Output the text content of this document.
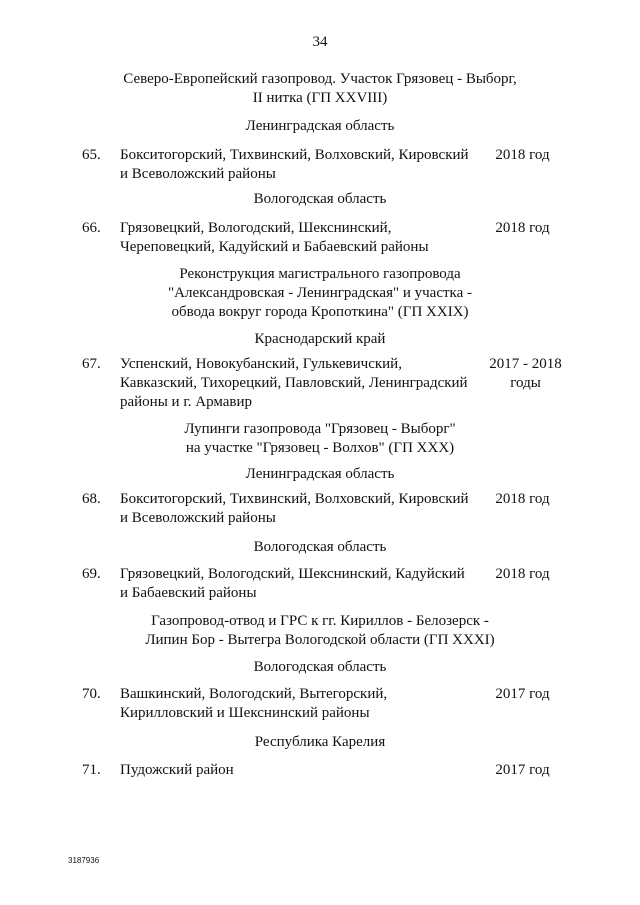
34
Северо-Европейский газопровод. Участок Грязовец - Выборг,
II нитка (ГП XXVIII)
Ленинградская область
65. Бокситогорский, Тихвинский, Волховский, Кировский
и Всеволожский районы
2018 год
Вологодская область
66. Грязовецкий, Вологодский, Шекснинский,
Череповецкий, Кадуйский и Бабаевский районы
2018 год
Реконструкция магистрального газопровода
"Александровская - Ленинградская" и участка -
обвода вокруг города Кропоткина" (ГП XXIX)
Краснодарский край
67. Успенский, Новокубанский, Гулькевичский,
Кавказский, Тихорецкий, Павловский, Ленинградский
районы и г. Армавир
2017 - 2018
годы
Лупинги газопровода "Грязовец - Выборг"
на участке "Грязовец - Волхов" (ГП XXX)
Ленинградская область
68. Бокситогорский, Тихвинский, Волховский, Кировский
и Всеволожский районы
2018 год
Вологодская область
69. Грязовецкий, Вологодский, Шекснинский, Кадуйский
и Бабаевский районы
2018 год
Газопровод-отвод и ГРС к гг. Кириллов - Белозерск -
Липин Бор - Вытегра Вологодской области (ГП XXXI)
Вологодская область
70. Вашкинский, Вологодский, Вытегорский,
Кирилловский и Шекснинский районы
2017 год
Республика Карелия
71. Пудожский район	2017 год
3187936
